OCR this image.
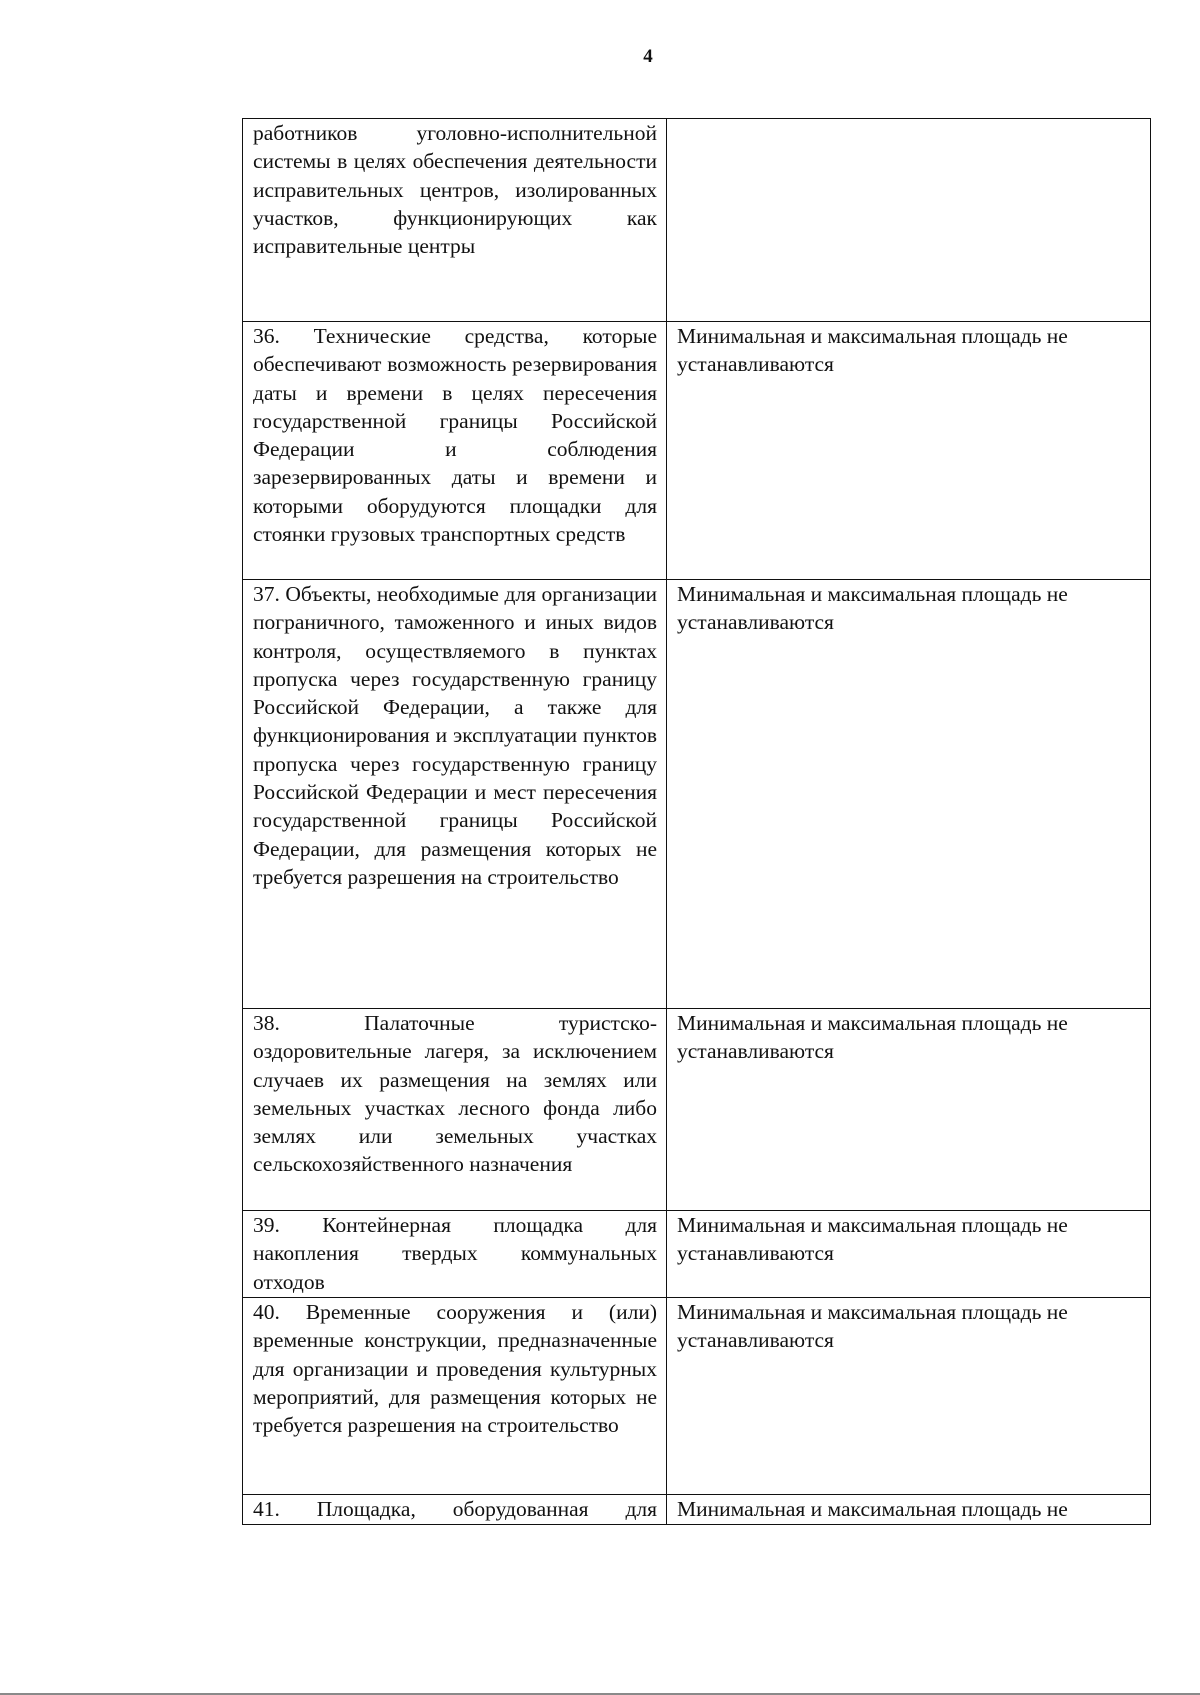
4
работников уголовно-исполнительной системы в целях обеспечения деятельности исправительных центров, изолированных участков, функционирующих как исправительные центры	

36. Технические средства, которые обеспечивают возможность резервирования даты и времени в целях пересечения государственной границы Российской Федерации и соблюдения зарезервированных даты и времени и которыми оборудуются площадки для стоянки грузовых транспортных средств	Минимальная и максимальная площадь не устанавливаются

37. Объекты, необходимые для организации пограничного, таможенного и иных видов контроля, осуществляемого в пунктах пропуска через государственную границу Российской Федерации, а также для функционирования и эксплуатации пунктов пропуска через государственную границу Российской Федерации и мест пересечения государственной границы Российской Федерации, для размещения которых не требуется разрешения на строительство	Минимальная и максимальная площадь не устанавливаются

38. Палаточные туристско-оздоровительные лагеря, за исключением случаев их размещения на землях или земельных участках лесного фонда либо землях или земельных участках сельскохозяйственного назначения	Минимальная и максимальная площадь не устанавливаются

39. Контейнерная площадка для накопления твердых коммунальных отходов	Минимальная и максимальная площадь не устанавливаются

40. Временные сооружения и (или) временные конструкции, предназначенные для организации и проведения культурных мероприятий, для размещения которых не требуется разрешения на строительство	Минимальная и максимальная площадь не устанавливаются

41. Площадка, оборудованная для	Минимальная и максимальная площадь не
